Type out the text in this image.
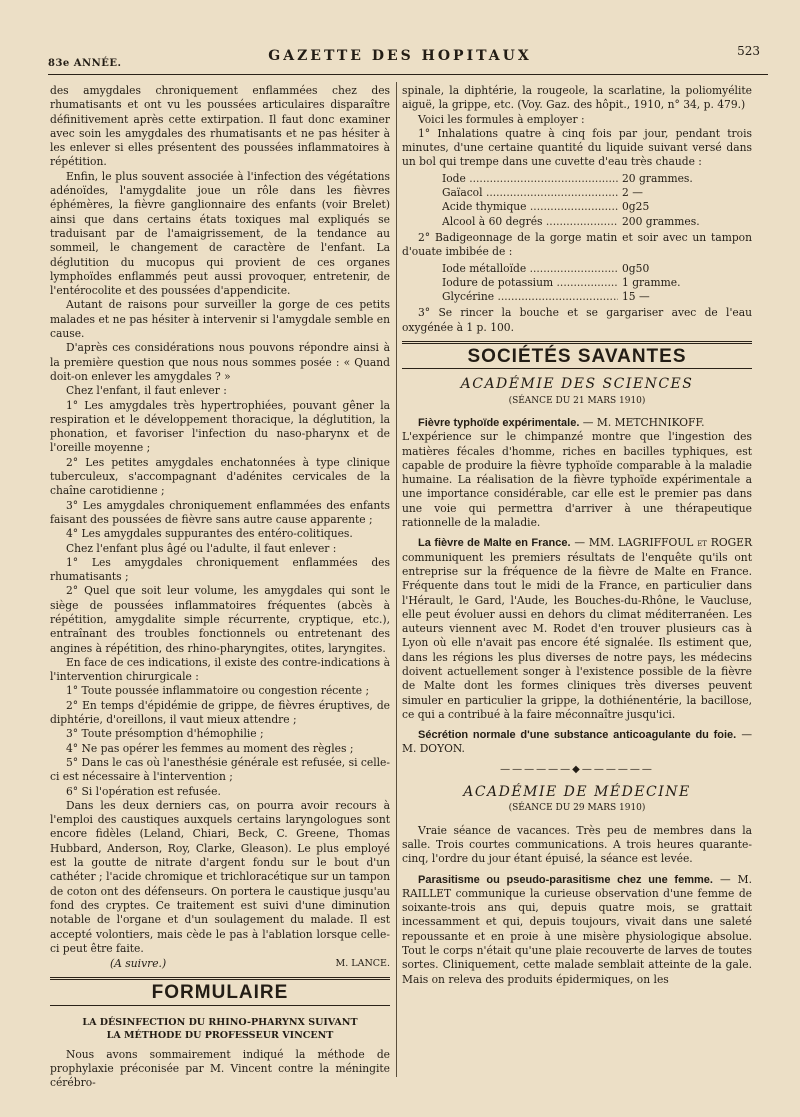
83e ANNÉE.	GAZETTE DES HOPITAUX	523

des amygdales chroniquement enflammées chez des rhumatisants et ont vu les poussées articulaires disparaître définitivement après cette extirpation. Il faut donc examiner avec soin les amygdales des rhumatisants et ne pas hésiter à les enlever si elles présentent des poussées inflammatoires à répétition.

Enfin, le plus souvent associée à l'infection des végétations adénoïdes, l'amygdalite joue un rôle dans les fièvres éphémères, la fièvre ganglionnaire des enfants (voir Brelet) ainsi que dans certains états toxiques mal expliqués se traduisant par de l'amaigrissement, de la tendance au sommeil, le changement de caractère de l'enfant. La déglutition du mucopus qui provient de ces organes lymphoïdes enflammés peut aussi provoquer, entretenir, de l'entérocolite et des poussées d'appendicite.

Autant de raisons pour surveiller la gorge de ces petits malades et ne pas hésiter à intervenir si l'amygdale semble en cause.

D'après ces considérations nous pouvons répondre ainsi à la première question que nous nous sommes posée : « Quand doit-on enlever les amygdales ? »

Chez l'enfant, il faut enlever :

1° Les amygdales très hypertrophiées, pouvant gêner la respiration et le développement thoracique, la déglutition, la phonation, et favoriser l'infection du naso-pharynx et de l'oreille moyenne ;

2° Les petites amygdales enchatonnées à type clinique tuberculeux, s'accompagnant d'adénites cervicales de la chaîne carotidienne ;

3° Les amygdales chroniquement enflammées des enfants faisant des poussées de fièvre sans autre cause apparente ;

4° Les amygdales suppurantes des entéro-colitiques.

Chez l'enfant plus âgé ou l'adulte, il faut enlever :

1° Les amygdales chroniquement enflammées des rhumatisants ;

2° Quel que soit leur volume, les amygdales qui sont le siège de poussées inflammatoires fréquentes (abcès à répétition, amygdalite simple récurrente, cryptique, etc.), entraînant des troubles fonctionnels ou entretenant des angines à répétition, des rhino-pharyngites, otites, laryngites.

En face de ces indications, il existe des contre-indications à l'intervention chirurgicale :

1° Toute poussée inflammatoire ou congestion récente ;

2° En temps d'épidémie de grippe, de fièvres éruptives, de diphtérie, d'oreillons, il vaut mieux attendre ;

3° Toute présomption d'hémophilie ;

4° Ne pas opérer les femmes au moment des règles ;

5° Dans le cas où l'anesthésie générale est refusée, si celle-ci est nécessaire à l'intervention ;

6° Si l'opération est refusée.

Dans les deux derniers cas, on pourra avoir recours à l'emploi des caustiques auxquels certains laryngologues sont encore fidèles (Leland, Chiari, Beck, C. Greene, Thomas Hubbard, Anderson, Roy, Clarke, Gleason). Le plus employé est la goutte de nitrate d'argent fondu sur le bout d'un cathéter ; l'acide chromique et trichloracétique sur un tampon de coton ont des défenseurs. On portera le caustique jusqu'au fond des cryptes. Ce traitement est suivi d'une diminution notable de l'organe et d'un soulagement du malade. Il est accepté volontiers, mais cède le pas à l'ablation lorsque celle-ci peut être faite.

(A suivre.)	M. LANCE.
FORMULAIRE
LA DÉSINFECTION DU RHINO-PHARYNX SUIVANT
LA MÉTHODE DU PROFESSEUR VINCENT

Nous avons sommairement indiqué la méthode de prophylaxie préconisée par M. Vincent contre la méningite cérébro-

spinale, la diphtérie, la rougeole, la scarlatine, la poliomyélite aiguë, la grippe, etc. (Voy. Gaz. des hôpit., 1910, n° 34, p. 479.)

Voici les formules à employer :

1° Inhalations quatre à cinq fois par jour, pendant trois minutes, d'une certaine quantité du liquide suivant versé dans un bol qui trempe dans une cuvette d'eau très chaude :

Iode .....	20 grammes.
Gaïacol .....	2 —
Acide thymique .....	0g25
Alcool à 60 degrés .....	200 grammes.

2° Badigeonnage de la gorge matin et soir avec un tampon d'ouate imbibée de :

Iode métalloïde .....	0g50
Iodure de potassium .....	1 gramme.
Glycérine .....	15 —

3° Se rincer la bouche et se gargariser avec de l'eau oxygénée à 1 p. 100.

SOCIÉTÉS SAVANTES
ACADÉMIE DES SCIENCES
(SÉANCE DU 21 MARS 1910)

Fièvre typhoïde expérimentale. — M. METCHNIKOFF.

L'expérience sur le chimpanzé montre que l'ingestion des matières fécales d'homme, riches en bacilles typhiques, est capable de produire la fièvre typhoïde comparable à la maladie humaine. La réalisation de la fièvre typhoïde expérimentale a une importance considérable, car elle est le premier pas dans une voie qui permettra d'arriver à une thérapeutique rationnelle de la maladie.

La fièvre de Malte en France. — MM. LAGRIFFOUL et ROGER communiquent les premiers résultats de l'enquête qu'ils ont entreprise sur la fréquence de la fièvre de Malte en France. Fréquente dans tout le midi de la France, en particulier dans l'Hérault, le Gard, l'Aude, les Bouches-du-Rhône, le Vaucluse, elle peut évoluer aussi en dehors du climat méditerranéen. Les auteurs viennent avec M. Rodet d'en trouver plusieurs cas à Lyon où elle n'avait pas encore été signalée. Ils estiment que, dans les régions les plus diverses de notre pays, les médecins doivent actuellement songer à l'existence possible de la fièvre de Malte dont les formes cliniques très diverses peuvent simuler en particulier la grippe, la dothiénentérie, la bacillose, ce qui a contribué à la faire méconnaître jusqu'ici.

Sécrétion normale d'une substance anticoagulante du foie. — M. DOYON.

——————◆——————
ACADÉMIE DE MÉDECINE
(SÉANCE DU 29 MARS 1910)

Vraie séance de vacances. Très peu de membres dans la salle. Trois courtes communications. A trois heures quarante-cinq, l'ordre du jour étant épuisé, la séance est levée.

Parasitisme ou pseudo-parasitisme chez une femme. — M. RAILLET communique la curieuse observation d'une femme de soixante-trois ans qui, depuis quatre mois, se grattait incessamment et qui, depuis toujours, vivait dans une saleté repoussante et en proie à une misère physiologique absolue. Tout le corps n'était qu'une plaie recouverte de larves de toutes sortes. Cliniquement, cette malade semblait atteinte de la gale. Mais on releva des produits épidermiques, on les
